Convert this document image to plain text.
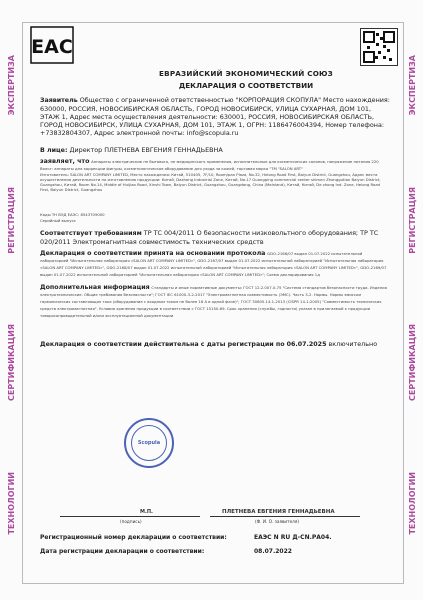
ЭКСПЕРТИЗА
РЕГИСТРАЦИЯ
СЕРТИФИКАЦИЯ
ТЕХНОЛОГИИ
ЭКСПЕРТИЗА
РЕГИСТРАЦИЯ
СЕРТИФИКАЦИЯ
ТЕХНОЛОГИИ
EAC
ЕВРАЗИЙСКИЙ ЭКОНОМИЧЕСКИЙ СОЮЗ
ДЕКЛАРАЦИЯ О СООТВЕТСТВИИ
Заявитель Общество с ограниченной ответственностью "КОРПОРАЦИЯ СКОПУЛА" Место нахождения: 630000, РОССИЯ, НОВОСИБИРСКАЯ ОБЛАСТЬ, ГОРОД НОВОСИБИРСК, УЛИЦА СУХАРНАЯ, ДОМ 101, ЭТАЖ 1, Адрес места осуществления деятельности: 630001, РОССИЯ, НОВОСИБИРСКАЯ ОБЛАСТЬ, ГОРОД НОВОСИБИРСК, УЛИЦА СУХАРНАЯ, ДОМ 101, ЭТАЖ 1, ОГРН: 1186476004394, Номер телефона: +73832804307, Адрес электронной почты: info@scopula.ru
В лице: Директор ПЛЕТНЕВА ЕВГЕНИЯ ГЕННАДЬЕВНА
заявляет, что Аппараты электрические не бытового, не медицинского применения, исполнительные для косметических салонов, напряжение питания 220 Вольт: аппараты для коррекции фигуры, косметологическое оборудование для ухода за кожей, торговая марка "TM "SALON ART"
Изготовитель: SALON ART COMPANY LIMITED, Место нахождения: Китай, 510405, 7F/10, Room/pan Plaza, No.32, Helong Road First, Baiyun District, Guangzhou, Адрес места осуществления деятельности по изготовлению продукции: Китай, Dazhong Industrial Zone, Китай, No.17 Guangping commercial center shimen Zhonggutian Baiyun District, Guangzhou, Китай, Room No.14, Middle of Huijiao Road, Xinshi Town, Baiyun District, Guangzhou, Guangdong, China (Mainland), Китай, Китай, De zhong Ind. Zone, Helong Road First, Baiyun District, Guangzhou
Коды ТН ВЭД ЕАЭС: 8543709000
Серийный выпуск
Соответствует требованиям ТР ТС 004/2011 О безопасности низковольтного оборудования; ТР ТС 020/2011 Электромагнитная совместимость технических средств
Декларация о соответствии принята на основании протокола GDO-2166/07 выдан 01.07.2022 испытательной лабораторией "Испытательная лаборатория «SALON ART COMPANY LIMITED»", GDO-2167/07 выдан 01.07.2022 испытательной лабораторией "Испытательная лаборатория «SALON ART COMPANY LIMITED»", GDO-2168/07 выдан 01.07.2022 испытательной лабораторией "Испытательная лаборатория «SALON ART COMPANY LIMITED»", GDO-2169/07 выдан 01.07.2022 испытательной лабораторией "Испытательная лаборатория «SALON ART COMPANY LIMITED»"; Схема декларирования 1д
Дополнительная информация Стандарты и иные нормативные документы: ГОСТ 12.2.007.0-75 "Система стандартов безопасности труда. Изделия электротехнические. Общие требования безопасности"; ГОСТ IEC 61000-3-2-2017 "Электромагнитная совместимость (ЭМС). Часть 3-2. Нормы. Нормы эмиссии гармонических составляющих тока (оборудование с входным током не более 16 А в одной фазе)"; ГОСТ 30805.14.1-2013 (CISPR 14-1:2005) "Совместимость технических средств электромагнитная". Условия хранения продукции в соответствии с ГОСТ 15150-69. Срок хранения (службы, годности) указан в прилагаемой к продукции товаросопроводительной и/или эксплуатационной документации
Декларация о соответствии действительна с даты регистрации по 06.07.2025 включительно
Scopula
М.П.	ПЛЕТНЕВА ЕВГЕНИЯ ГЕННАДЬЕВНА
(подпись)	(Ф. И. О. заявителя)
Регистрационный номер декларации о соответствии:	ЕАЭС N RU Д-CN.РА04.
Дата регистрации декларации о соответствии:	08.07.2022
